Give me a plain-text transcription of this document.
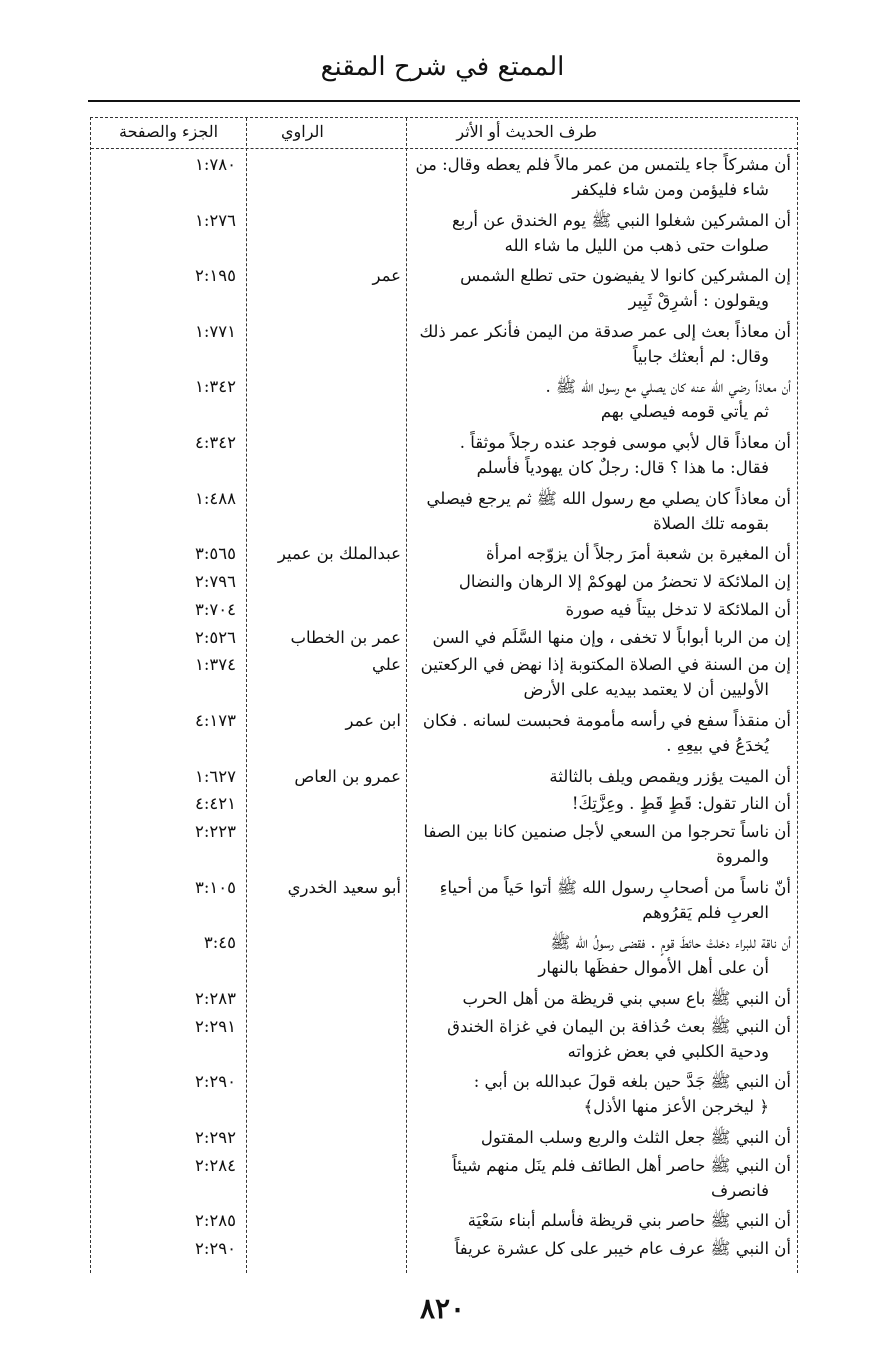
الممتع في شرح المقنع
طرف الحديث أو الأثر
الراوي
الجزء والصفحة
أن مشركاً جاء يلتمس من عمر مالاً فلم يعطه وقال: من
شاء فليؤمن ومن شاء فليكفر
١:٧٨٠
أن المشركين شغلوا النبي ﷺ يوم الخندق عن أربع
صلوات حتى ذهب من الليل ما شاء الله
١:٢٧٦
إن المشركين كانوا لا يفيضون حتى تطلع الشمس
ويقولون : أشرِقْ ثَبِير
عمر
٢:١٩٥
أن معاذاً بعث إلى عمر صدقة من اليمن فأنكر عمر ذلك
وقال: لم أبعثك جابياً
١:٧٧١
أن معاذاً رضي الله عنه كان يصلي مع رسول الله ﷺ .
ثم يأتي قومه فيصلي بهم
١:٣٤٢
أن معاذاً قال لأبي موسى فوجد عنده رجلاً موثقاً .
فقال: ما هذا ؟ قال: رجلٌ كان يهودياً فأسلم
٤:٣٤٢
أن معاذاً كان يصلي مع رسول الله ﷺ ثم يرجع فيصلي
بقومه تلك الصلاة
١:٤٨٨
أن المغيرة بن شعبة أمرَ رجلاً أن يزوّجه امرأة
عبدالملك بن عمير
٣:٥٦٥
إن الملائكة لا تحضرُ من لهوكمْ إلا الرهان والنضال
٢:٧٩٦
أن الملائكة لا تدخل بيتاً فيه صورة
٣:٧٠٤
إن من الربا أبواباً لا تخفى ، وإن منها السَّلَم في السن
عمر بن الخطاب
٢:٥٢٦
إن من السنة في الصلاة المكتوبة إذا نهض في الركعتين
الأوليين أن لا يعتمد بيديه على الأرض
علي
١:٣٧٤
أن منقذاً سفع في رأسه مأمومة فحبست لسانه . فكان
يُخدَعُ في بيعِهِ .
ابن عمر
٤:١٧٣
أن الميت يؤزر ويقمص ويلف بالثالثة
عمرو بن العاص
١:٦٢٧
أن النار تقول: قَطٍ قَطٍ . وعِزَّتِكَ!
٤:٤٢١
أن ناساً تحرجوا من السعي لأجل صنمين كانا بين الصفا
والمروة
٢:٢٢٣
أنّ ناساً من أصحابِ رسول الله ﷺ أتوا حَياً من أحياءِ
العربِ فلم يَقرُوهم
أبو سعيد الخدري
٣:١٠٥
أن ناقة للبراء دخلتْ حائطَ قومٍ . فقضى رسولُ الله ﷺ
أن على أهل الأموال حفظَها بالنهار
٣:٤٥
أن النبي ﷺ باع سبي بني قريظة من أهل الحرب
٢:٢٨٣
أن النبي ﷺ بعث حُذافة بن اليمان في غزاة الخندق
ودحية الكلبي في بعض غزواته
٢:٢٩١
أن النبي ﷺ جَدَّ حين بلغه قولَ عبدالله بن أبي :
﴿ ليخرجن الأعز منها الأذل﴾
٢:٢٩٠
أن النبي ﷺ جعل الثلث والربع وسلب المقتول
٢:٢٩٢
أن النبي ﷺ حاصر أهل الطائف فلم ينَل منهم شيئاً
فانصرف
٢:٢٨٤
أن النبي ﷺ حاصر بني قريظة فأسلم أبناء سَعْيَة
٢:٢٨٥
أن النبي ﷺ عرف عام خيبر على كل عشرة عريفاً
٢:٢٩٠
٨٢٠
